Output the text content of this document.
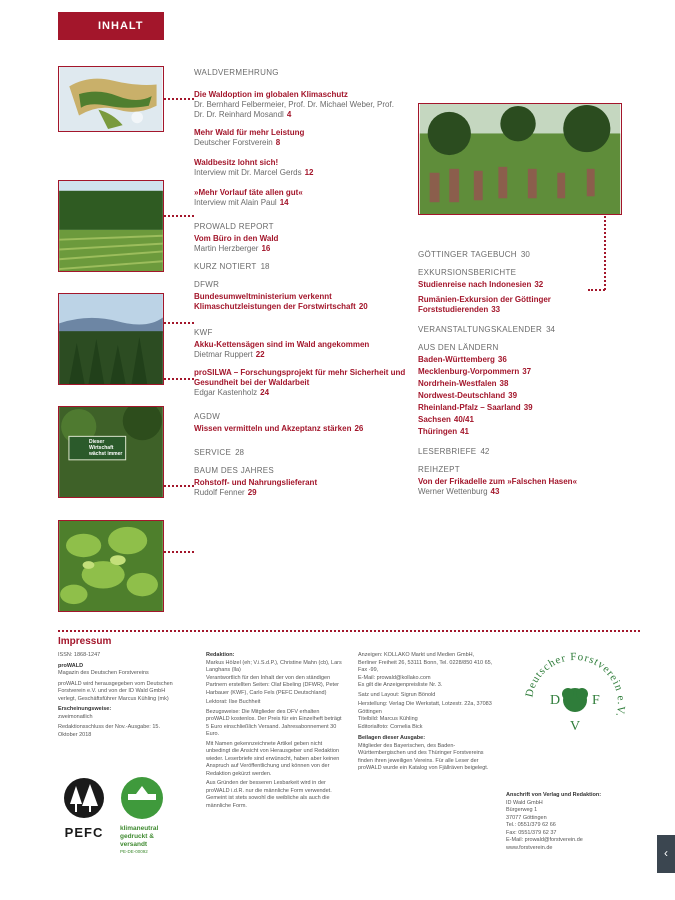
INHALT
Dieser
Wirtschaft
wächst immer
WALDVERMEHRUNG
Die Waldoption im globalen Klimaschutz
Dr. Bernhard Felbermeier, Prof. Dr. Michael Weber, Prof. Dr. Dr. Reinhard Mosandl 4
Mehr Wald für mehr Leistung
Deutscher Forstverein 8
Waldbesitz lohnt sich!
Interview mit Dr. Marcel Gerds 12
»Mehr Vorlauf täte allen gut«
Interview mit Alain Paul 14
PROWALD REPORT
Vom Büro in den Wald
Martin Herzberger 16
KURZ NOTIERT 18
DFWR
Bundesumweltministerium verkennt Klimaschutzleistungen der Forstwirtschaft 20
KWF
Akku-Kettensägen sind im Wald angekommen
Dietmar Ruppert 22
proSILWA – Forschungsprojekt für mehr Sicherheit und Gesundheit bei der Waldarbeit
Edgar Kastenholz 24
AGDW
Wissen vermitteln und Akzeptanz stärken 26
SERVICE 28
BAUM DES JAHRES
Rohstoff- und Nahrungslieferant
Rudolf Fenner 29
GÖTTINGER TAGEBUCH 30
EXKURSIONSBERICHTE
Studienreise nach Indonesien 32
Rumänien-Exkursion der Göttinger Forststudierenden 33
VERANSTALTUNGSKALENDER 34
AUS DEN LÄNDERN
Baden-Württemberg 36
Mecklenburg-Vorpommern 37
Nordrhein-Westfalen 38
Nordwest-Deutschland 39
Rheinland-Pfalz – Saarland 39
Sachsen 40/41
Thüringen 41
LESERBRIEFE 42
REIHZEPT
Von der Frikadelle zum »Falschen Hasen«
Werner Wettenburg 43
Impressum
ISSN: 1868-1247
proWALD
Magazin des Deutschen Forstvereins
proWALD wird herausgegeben vom Deutschen Forstverein e.V. und von der ID Wald GmbH verlegt, Geschäftsführer Marcus Kühling (mk)
Erscheinungsweise:
zweimonatlich
Redaktionsschluss der Nov.-Ausgabe: 15. Oktober 2018
Redaktion:
Markus Hölzel (eh; V.i.S.d.P.), Christine Mahn (cb), Lars Langhans (lla)
Verantwortlich für den Inhalt der von den ständigen Partnern erstellten Seiten: Olaf Ebeling (DFWR), Peter Harbauer (KWF), Carlo Fels (PEFC Deutschland)
Lektorat: Ilse Buchheit
Bezugsweise: Die Mitglieder des DFV erhalten proWALD kostenlos. Der Preis für ein Einzelheft beträgt 5 Euro einschließlich Versand. Jahresabonnement 30 Euro.
Mit Namen gekennzeichnete Artikel geben nicht unbedingt die Ansicht von Herausgeber und Redaktion wieder. Leserbriefe sind erwünscht, haben aber keinen Anspruch auf Veröffentlichung und können von der Redaktion gekürzt werden.
Aus Gründen der besseren Lesbarkeit wird in der proWALD i.d.R. nur die männliche Form verwendet. Gemeint ist stets sowohl die weibliche als auch die männliche Form.
Anzeigen: KOLLAKO Markt und Medien GmbH, Berliner Freiheit 26, 53111 Bonn, Tel. 0228/850 410 65, Fax -99,
E-Mail: prowald@kollako.com
Es gilt die Anzeigenpreisliste Nr. 3.
Satz und Layout: Sigrun Bönold
Herstellung: Verlag Die Werkstatt, Lotzestr. 22a, 37083 Göttingen
Titelbild: Marcus Kühling
Editorialfoto: Cornelia Bick
Beilagen dieser Ausgabe:
Mitglieder des Bayerischen, des Baden-Württembergischen und des Thüringer Forstvereins finden ihren jeweiligen Vereins. Für alle Leser der proWALD wurde ein Katalog von Fjällräven beigelegt.
Anschrift von Verlag und Redaktion:
ID Wald GmbH
Bürgerweg 1
37077 Göttingen
Tel.: 0551/379 62 66
Fax: 0551/379 62 37
E-Mail: prowald@forstverein.de
www.forstverein.de
PEFC	klimaneutral gedruckt & versandt
PE-DE-00092
Deutscher Forstverein e.V.
D F
V
‹
